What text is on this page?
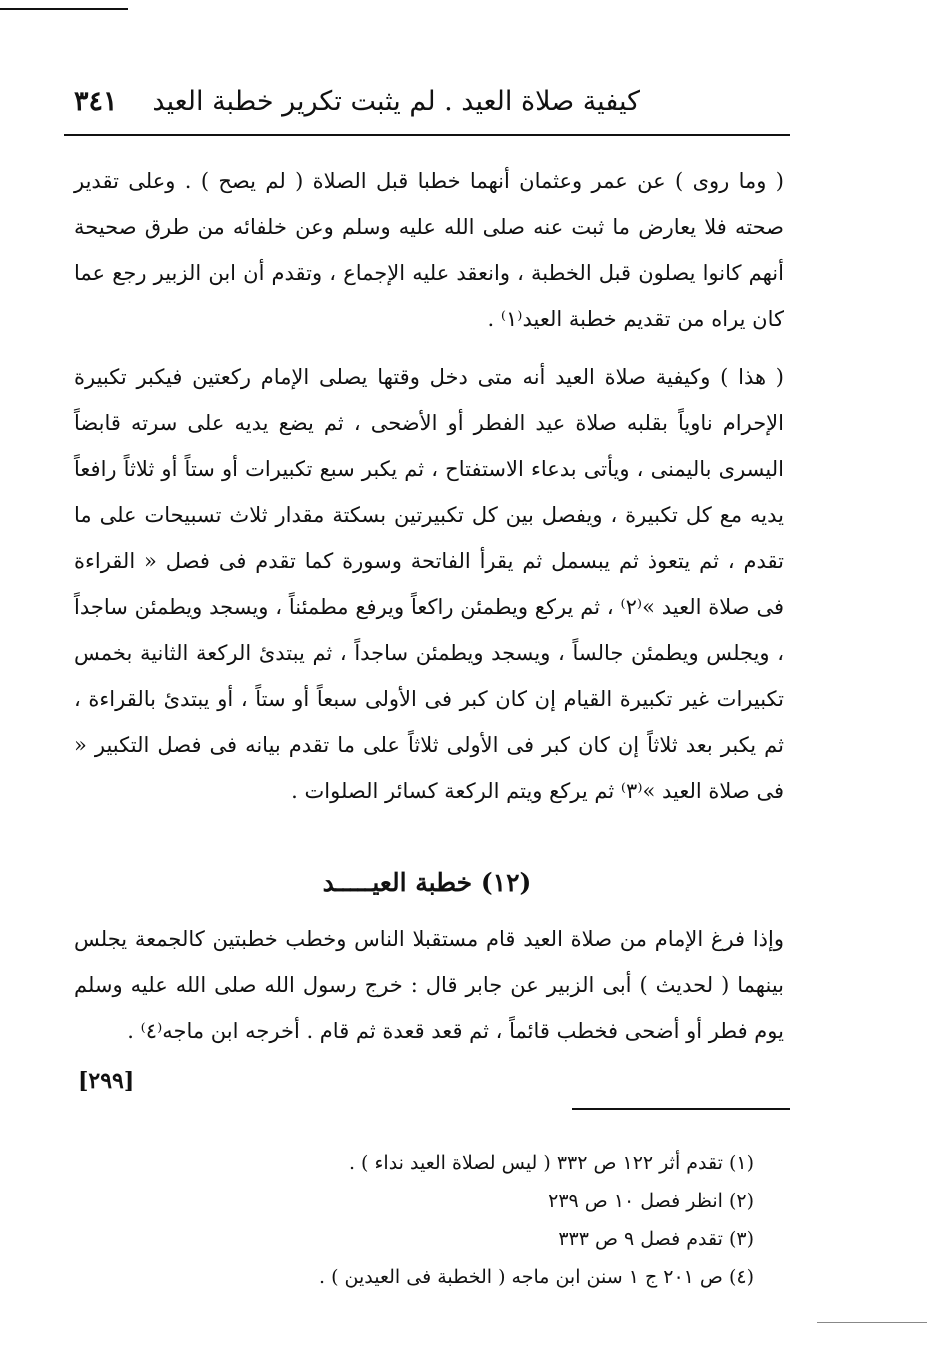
كيفية صلاة العيد . لم يثبت تكرير خطبة العيد
٣٤١

( وما روى ) عن عمر وعثمان أنهما خطبا قبل الصلاة ( لم يصح ) . وعلى تقدير صحته فلا يعارض ما ثبت عنه صلى الله عليه وسلم وعن خلفائه من طرق صحيحة أنهم كانوا يصلون قبل الخطبة ، وانعقد عليه الإجماع ، وتقدم أن ابن الزبير رجع عما كان يراه من تقديم خطبة العيد⁽١⁾ .

( هذا ) وكيفية صلاة العيد أنه متى دخل وقتها يصلى الإمام ركعتين فيكبر تكبيرة الإحرام ناوياً بقلبه صلاة عيد الفطر أو الأضحى ، ثم يضع يديه على سرته قابضاً اليسرى باليمنى ، ويأتى بدعاء الاستفتاح ، ثم يكبر سبع تكبيرات أو ستاً أو ثلاثاً رافعاً يديه مع كل تكبيرة ، ويفصل بين كل تكبيرتين بسكتة مقدار ثلاث تسبيحات على ما تقدم ، ثم يتعوذ ثم يبسمل ثم يقرأ الفاتحة وسورة كما تقدم فى فصل « القراءة فى صلاة العيد »⁽٢⁾ ، ثم يركع ويطمئن راكعاً ويرفع مطمئناً ، ويسجد ويطمئن ساجداً ، ويجلس ويطمئن جالساً ، ويسجد ويطمئن ساجداً ، ثم يبتدئ الركعة الثانية بخمس تكبيرات غير تكبيرة القيام إن كان كبر فى الأولى سبعاً أو ستاً ، أو يبتدئ بالقراءة ، ثم يكبر بعد ثلاثاً إن كان كبر فى الأولى ثلاثاً على ما تقدم بيانه فى فصل التكبير « فى صلاة العيد »⁽٣⁾ ثم يركع ويتم الركعة كسائر الصلوات .

(١٢) خطبة العيـــــد

وإذا فرغ الإمام من صلاة العيد قام مستقبلا الناس وخطب خطبتين كالجمعة يجلس بينهما ( لحديث ) أبى الزبير عن جابر قال : خرج رسول الله صلى الله عليه وسلم يوم فطر أو أضحى فخطب قائماً ، ثم قعد قعدة ثم قام . أخرجه ابن ماجه⁽٤⁾ .

[٢٩٩]
(١) تقدم أثر ١٢٢ ص ٣٣٢ ( ليس لصلاة العيد نداء ) .
(٢) انظر فصل ١٠ ص ٢٣٩
(٣) تقدم فصل ٩ ص ٣٣٣
(٤) ص ٢٠١ ج ١ سنن ابن ماجه ( الخطبة فى العيدين ) .
